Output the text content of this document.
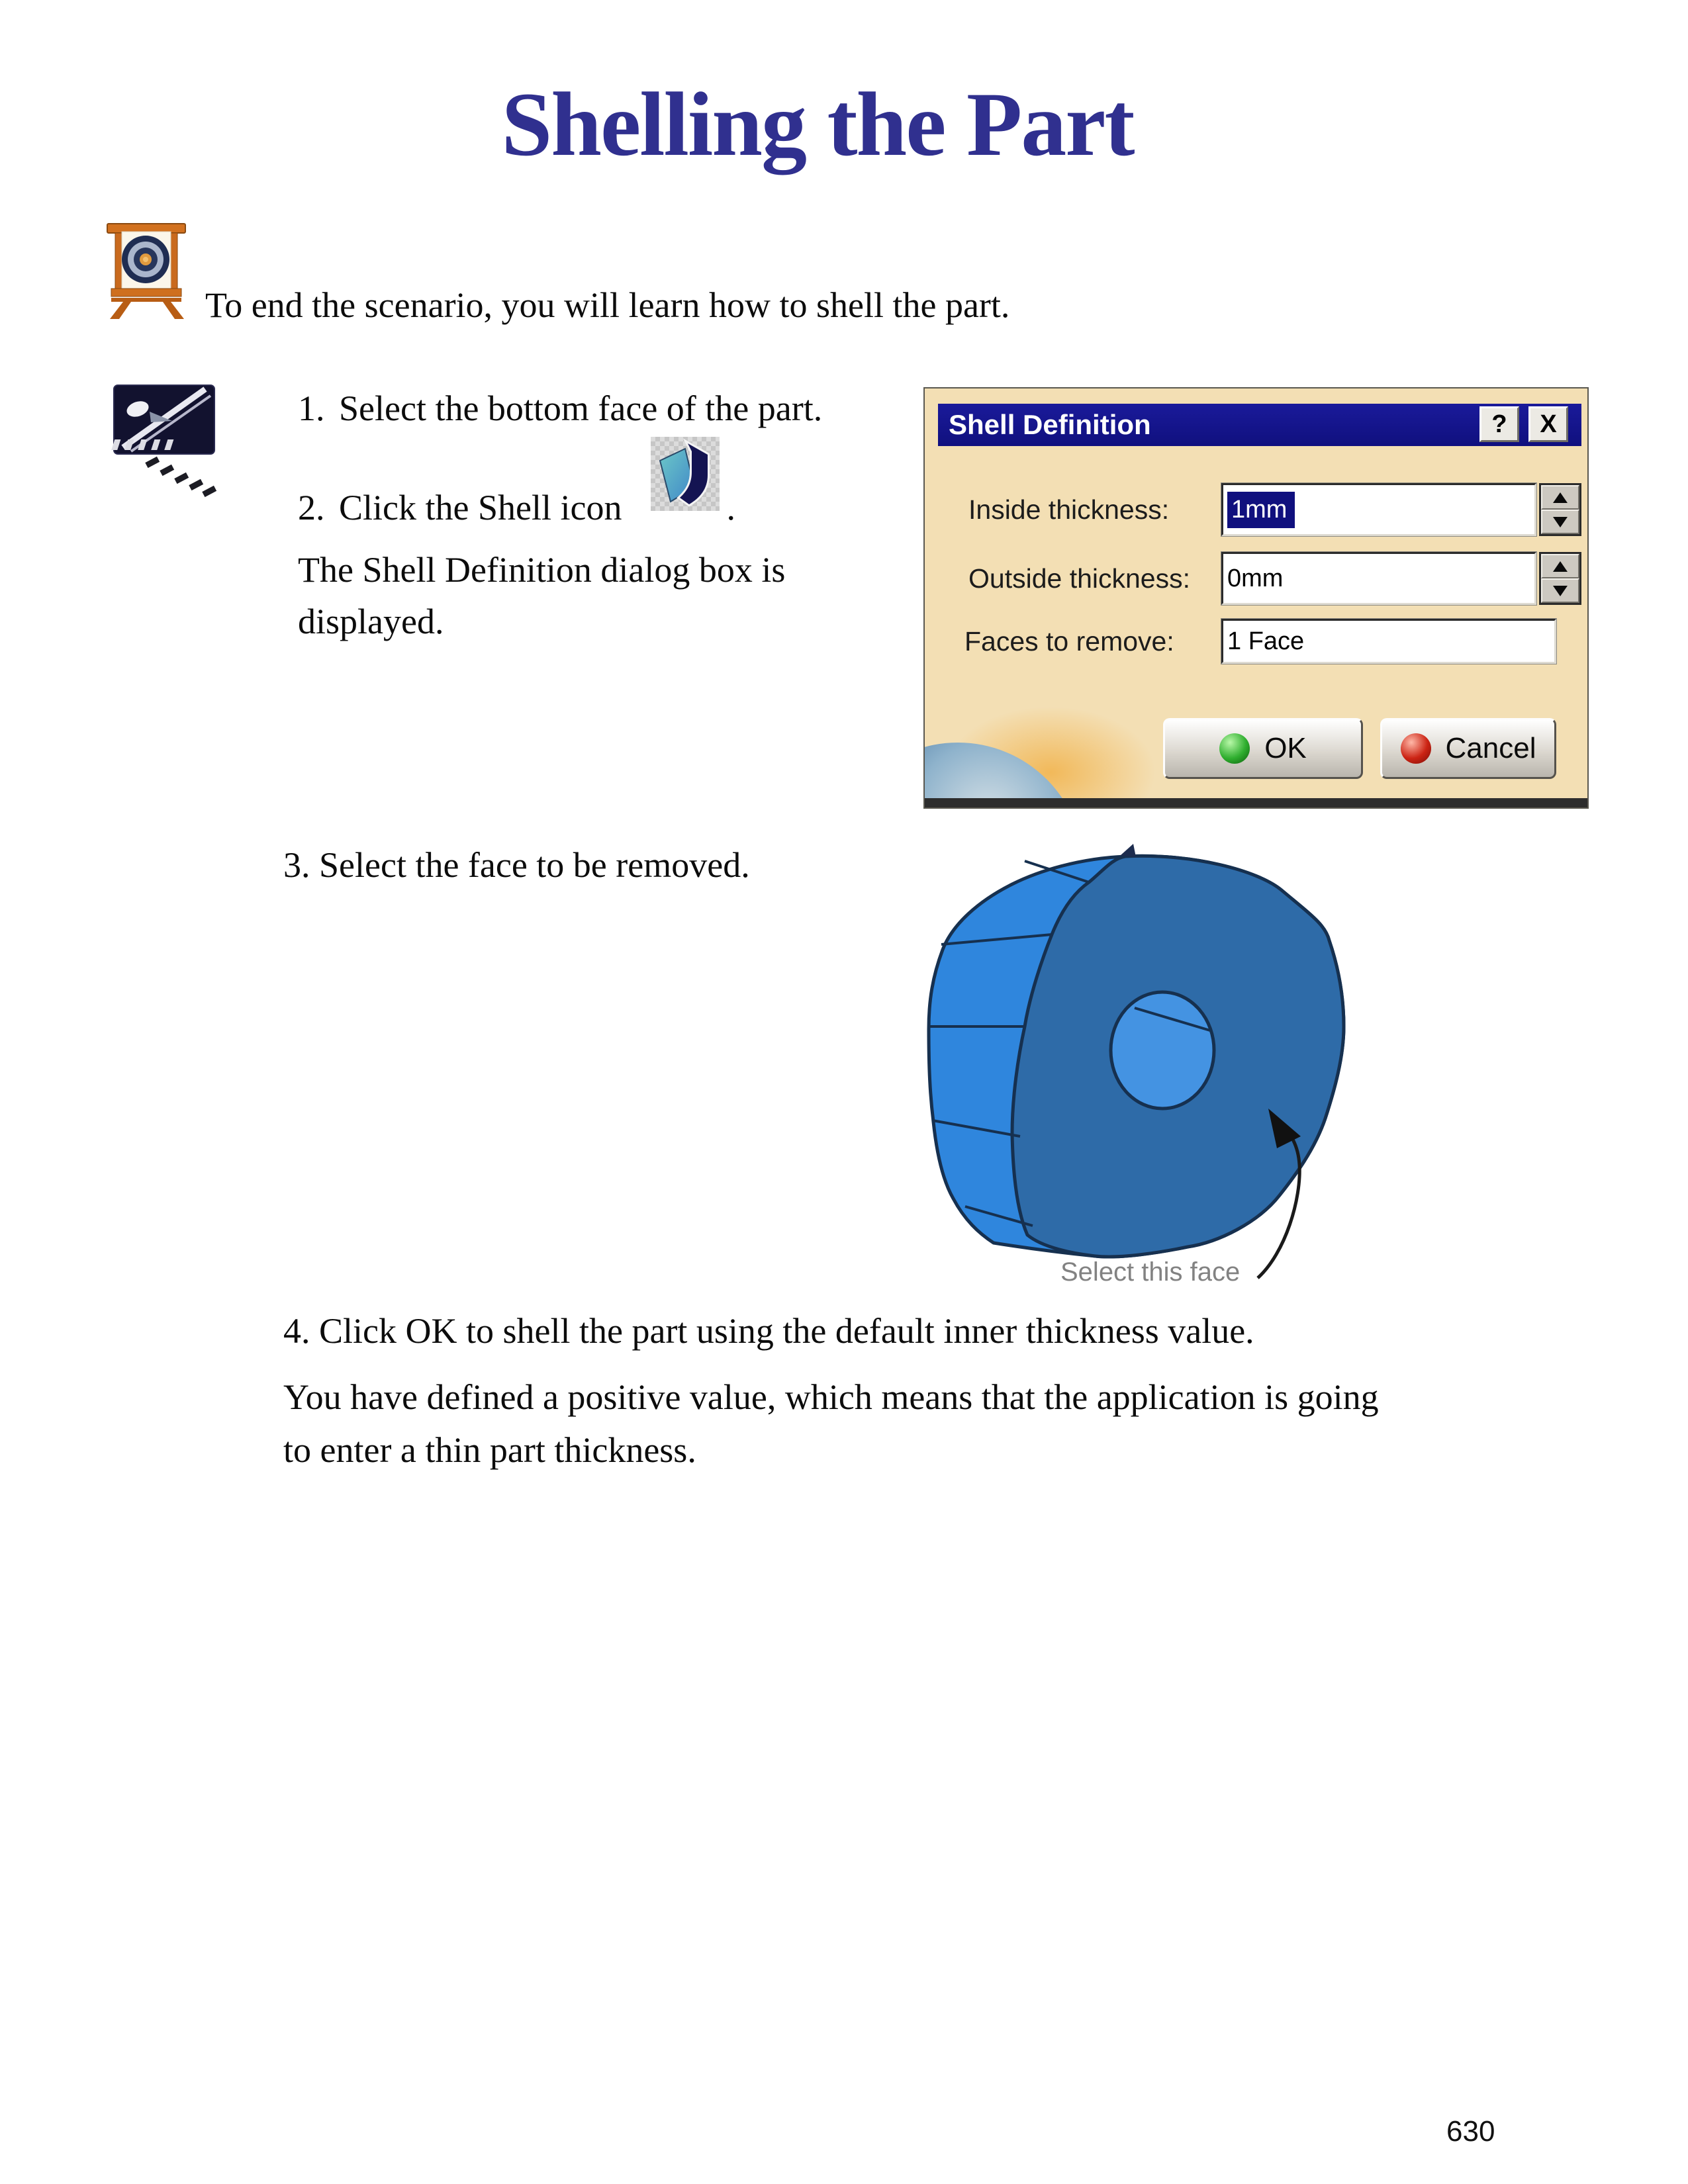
Shelling the Part
To end the scenario, you will learn how to shell the part.
1. Select the bottom face of the part.
2. Click the Shell icon	.
The Shell Definition dialog box is
displayed.
Shell Definition	?	X
Inside thickness: 1mm
Outside thickness: 0mm
Faces to remove: 1 Face
OK	Cancel
3. Select the face to be removed.
Select this face
4. Click OK to shell the part using the default inner thickness value.
You have defined a positive value, which means that the application is going
to enter a thin part thickness.
630
